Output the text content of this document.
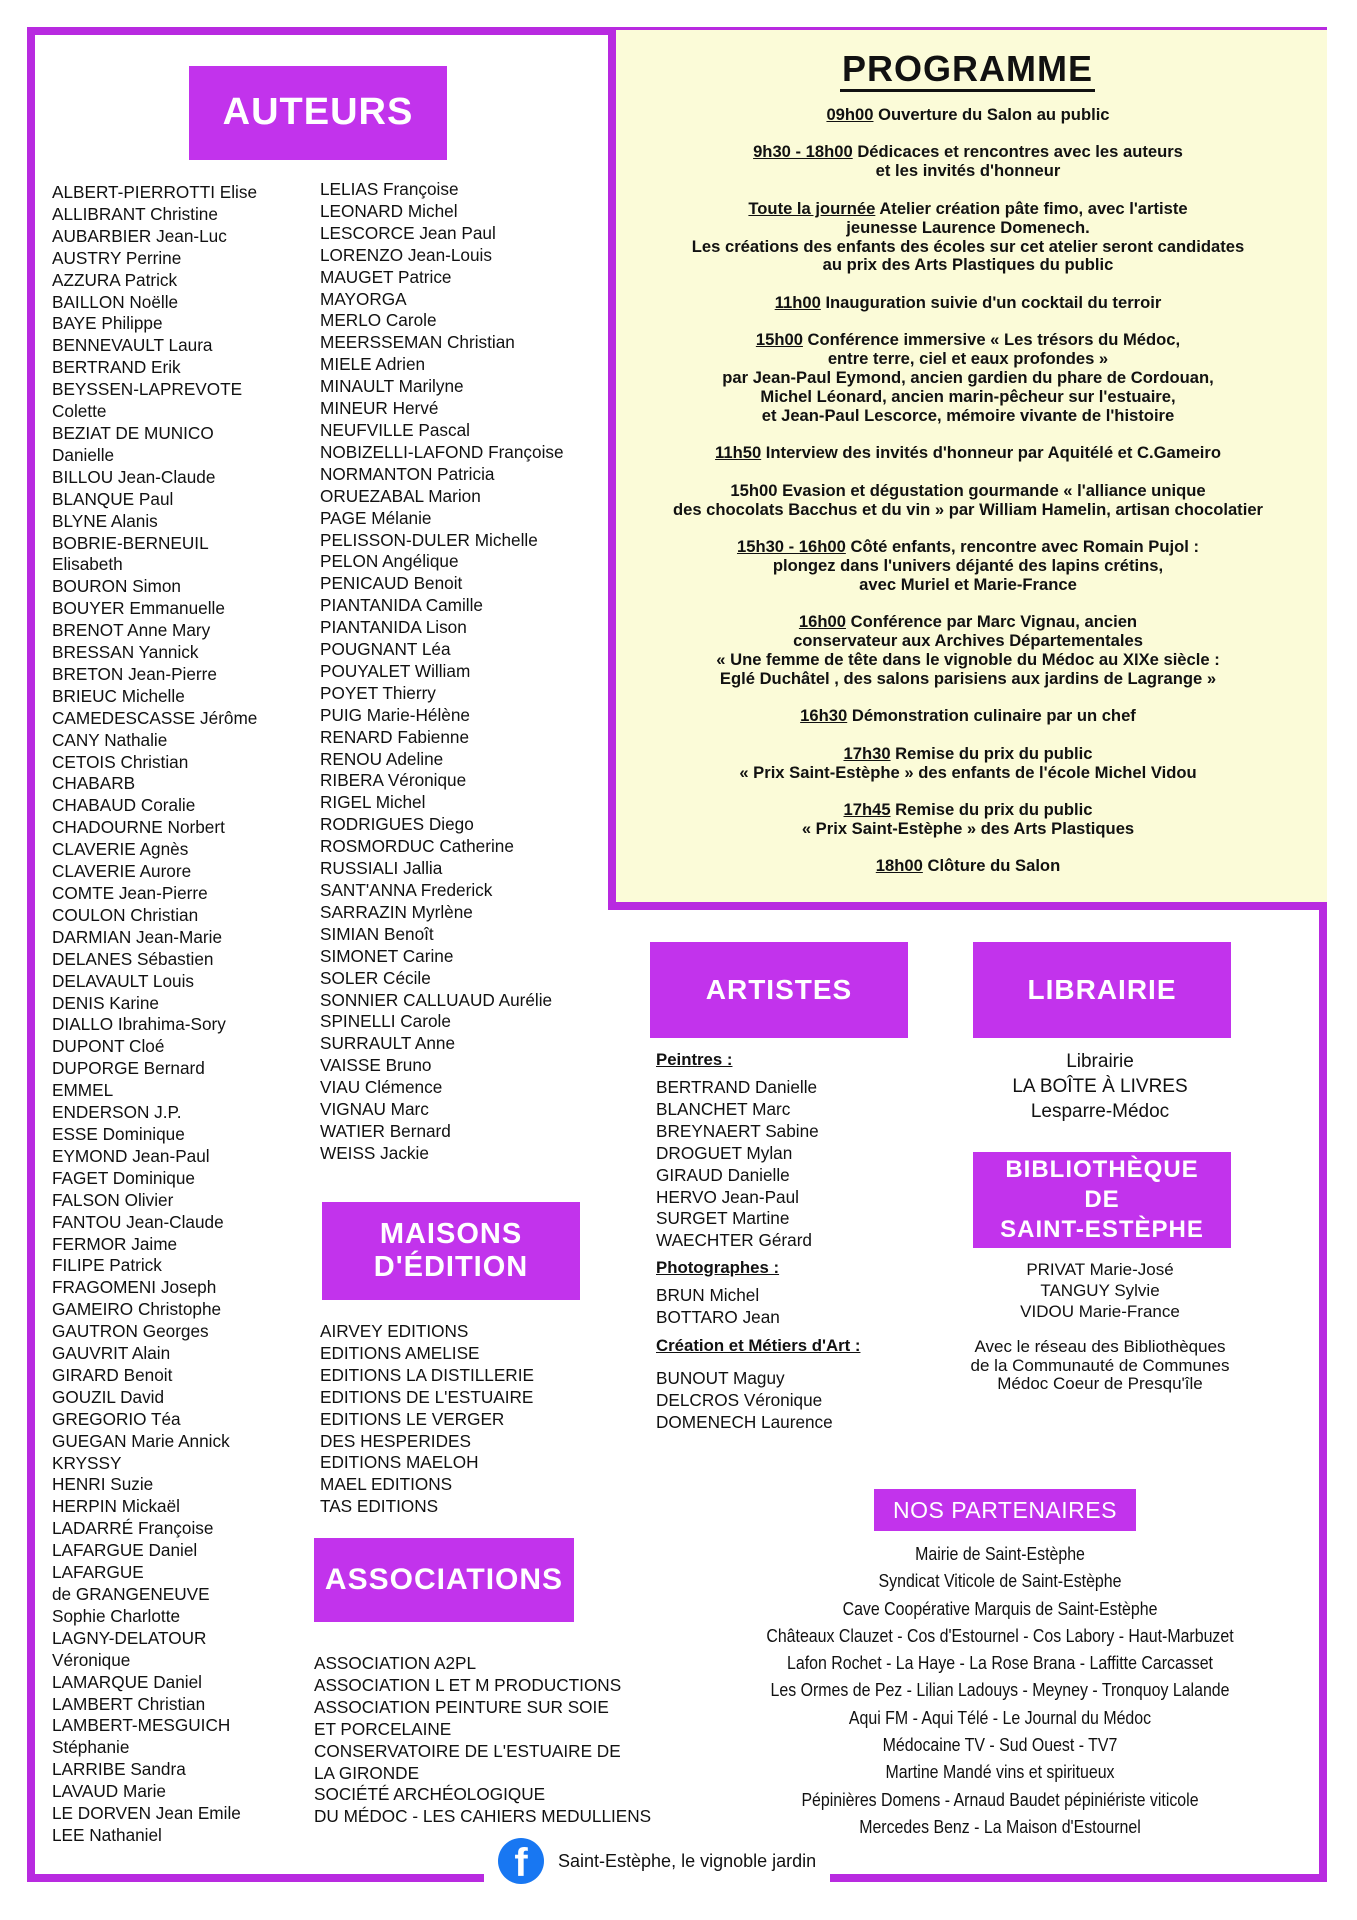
AUTEURS
ALBERT-PIERROTTI Elise
ALLIBRANT Christine
AUBARBIER Jean-Luc
AUSTRY Perrine
AZZURA Patrick
BAILLON Noëlle
BAYE Philippe
BENNEVAULT Laura
BERTRAND Erik
BEYSSEN-LAPREVOTE
Colette
BEZIAT DE MUNICO
Danielle
BILLOU Jean-Claude
BLANQUE Paul
BLYNE Alanis
BOBRIE-BERNEUIL
Elisabeth
BOURON Simon
BOUYER Emmanuelle
BRENOT Anne Mary
BRESSAN Yannick
BRETON Jean-Pierre
BRIEUC Michelle
CAMEDESCASSE Jérôme
CANY Nathalie
CETOIS Christian
CHABARB
CHABAUD Coralie
CHADOURNE Norbert
CLAVERIE Agnès
CLAVERIE Aurore
COMTE Jean-Pierre
COULON Christian
DARMIAN Jean-Marie
DELANES Sébastien
DELAVAULT Louis
DENIS Karine
DIALLO Ibrahima-Sory
DUPONT Cloé
DUPORGE Bernard
EMMEL
ENDERSON J.P.
ESSE Dominique
EYMOND Jean-Paul
FAGET Dominique
FALSON Olivier
FANTOU Jean-Claude
FERMOR Jaime
FILIPE Patrick
FRAGOMENI Joseph
GAMEIRO Christophe
GAUTRON Georges
GAUVRIT Alain
GIRARD Benoit
GOUZIL David
GREGORIO Téa
GUEGAN Marie Annick
KRYSSY
HENRI Suzie
HERPIN Mickaël
LADARRÉ Françoise
LAFARGUE Daniel
LAFARGUE
de GRANGENEUVE
Sophie Charlotte
LAGNY-DELATOUR
Véronique
LAMARQUE Daniel
LAMBERT Christian
LAMBERT-MESGUICH
Stéphanie
LARRIBE Sandra
LAVAUD Marie
LE DORVEN Jean Emile
LEE Nathaniel
LELIAS Françoise
LEONARD Michel
LESCORCE Jean Paul
LORENZO Jean-Louis
MAUGET Patrice
MAYORGA
MERLO Carole
MEERSSEMAN Christian
MIELE Adrien
MINAULT Marilyne
MINEUR Hervé
NEUFVILLE Pascal
NOBIZELLI-LAFOND Françoise
NORMANTON Patricia
ORUEZABAL Marion
PAGE Mélanie
PELISSON-DULER Michelle
PELON Angélique
PENICAUD Benoit
PIANTANIDA Camille
PIANTANIDA Lison
POUGNANT Léa
POUYALET William
POYET Thierry
PUIG Marie-Hélène
RENARD Fabienne
RENOU Adeline
RIBERA Véronique
RIGEL Michel
RODRIGUES Diego
ROSMORDUC Catherine
RUSSIALI Jallia
SANT'ANNA Frederick
SARRAZIN Myrlène
SIMIAN Benoît
SIMONET Carine
SOLER Cécile
SONNIER CALLUAUD Aurélie
SPINELLI Carole
SURRAULT Anne
VAISSE Bruno
VIAU Clémence
VIGNAU Marc
WATIER Bernard
WEISS Jackie
MAISONS
D'ÉDITION
AIRVEY EDITIONS
EDITIONS AMELISE
EDITIONS LA DISTILLERIE
EDITIONS DE L'ESTUAIRE
EDITIONS LE VERGER
DES HESPERIDES
EDITIONS MAELOH
MAEL EDITIONS
TAS EDITIONS
ASSOCIATIONS
ASSOCIATION A2PL
ASSOCIATION L ET M PRODUCTIONS
ASSOCIATION PEINTURE SUR SOIE
ET PORCELAINE
CONSERVATOIRE DE L'ESTUAIRE DE
LA GIRONDE
SOCIÉTÉ ARCHÉOLOGIQUE
DU MÉDOC - LES CAHIERS MEDULLIENS
PROGRAMME
09h00 Ouverture du Salon au public
9h30 - 18h00 Dédicaces et rencontres avec les auteurs
et les invités d'honneur
Toute la journée Atelier création pâte fimo, avec l'artiste
jeunesse Laurence Domenech.
Les créations des enfants des écoles sur cet atelier seront candidates
au prix des Arts Plastiques du public
11h00 Inauguration suivie d'un cocktail du terroir
15h00 Conférence immersive « Les trésors du Médoc,
entre terre, ciel et eaux profondes »
par Jean-Paul Eymond, ancien gardien du phare de Cordouan,
Michel Léonard, ancien marin-pêcheur sur l'estuaire,
et Jean-Paul Lescorce, mémoire vivante de l'histoire
11h50 Interview des invités d'honneur par Aquitélé et C.Gameiro
15h00 Evasion et dégustation gourmande « l'alliance unique
des chocolats Bacchus et du vin » par William Hamelin, artisan chocolatier
15h30 - 16h00 Côté enfants, rencontre avec Romain Pujol :
plongez dans l'univers déjanté des lapins crétins,
avec Muriel et Marie-France
16h00 Conférence par Marc Vignau, ancien
conservateur aux Archives Départementales
« Une femme de tête dans le vignoble du Médoc au XIXe siècle :
Eglé Duchâtel , des salons parisiens aux jardins de Lagrange »
16h30 Démonstration culinaire par un chef
17h30 Remise du prix du public
« Prix Saint-Estèphe » des enfants de l'école Michel Vidou
17h45 Remise du prix du public
« Prix Saint-Estèphe » des Arts Plastiques
18h00 Clôture du Salon
ARTISTES
Peintres :
BERTRAND Danielle
BLANCHET Marc
BREYNAERT Sabine
DROGUET Mylan
GIRAUD Danielle
HERVO Jean-Paul
SURGET Martine
WAECHTER Gérard
Photographes :
BRUN Michel
BOTTARO Jean
Création et Métiers d'Art :
BUNOUT Maguy
DELCROS Véronique
DOMENECH Laurence
LIBRAIRIE
Librairie
LA BOÎTE À LIVRES
Lesparre-Médoc
BIBLIOTHÈQUE
DE
SAINT-ESTÈPHE
PRIVAT Marie-José
TANGUY Sylvie
VIDOU Marie-France
Avec le réseau des Bibliothèques
de la Communauté de Communes
Médoc Coeur de Presqu'île
NOS PARTENAIRES
Mairie de Saint-Estèphe
Syndicat Viticole de Saint-Estèphe
Cave Coopérative Marquis de Saint-Estèphe
Châteaux Clauzet - Cos d'Estournel - Cos Labory - Haut-Marbuzet
Lafon Rochet - La Haye - La Rose Brana - Laffitte Carcasset
Les Ormes de Pez - Lilian Ladouys - Meyney - Tronquoy Lalande
Aqui FM - Aqui Télé - Le Journal du Médoc
Médocaine TV - Sud Ouest - TV7
Martine Mandé vins et spiritueux
Pépinières Domens - Arnaud Baudet pépiniériste viticole
Mercedes Benz - La Maison d'Estournel
f Saint-Estèphe, le vignoble jardin
